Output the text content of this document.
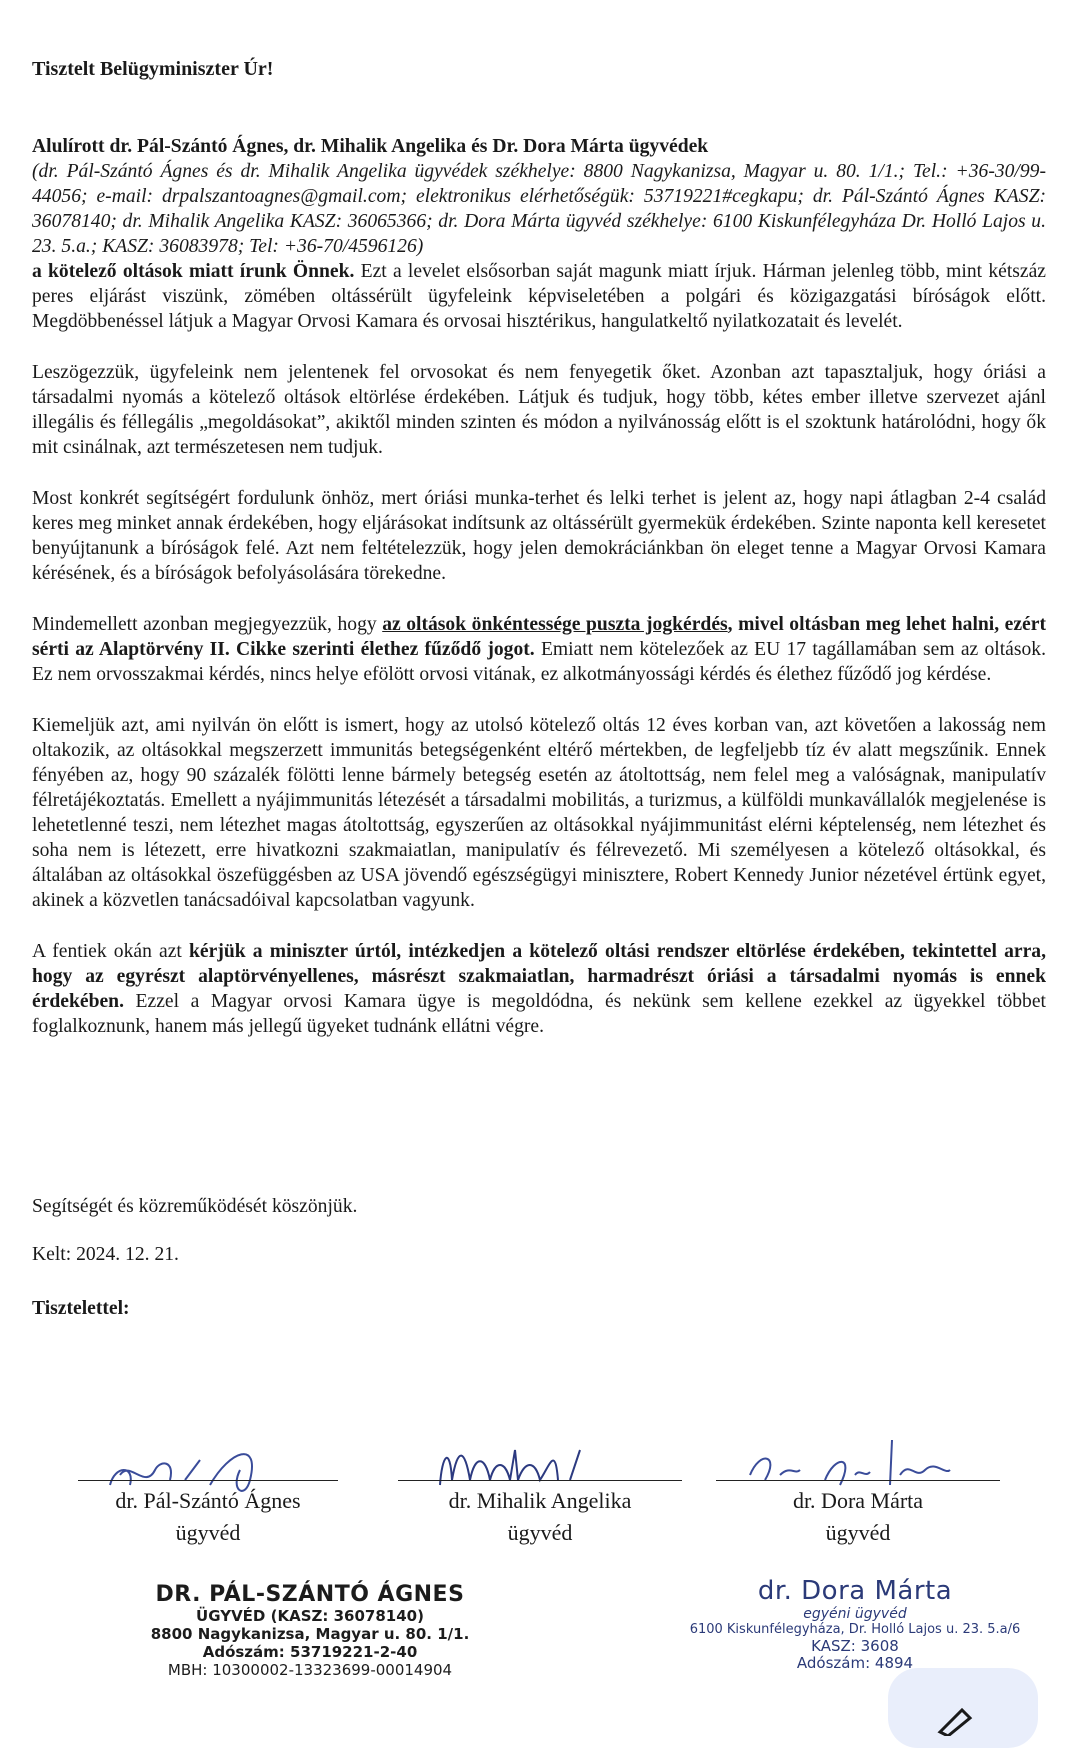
Tisztelt Belügyminiszter Úr!

Alulírott dr. Pál-Szántó Ágnes, dr. Mihalik Angelika és Dr. Dora Márta ügyvédek

(dr. Pál-Szántó Ágnes és dr. Mihalik Angelika ügyvédek székhelye: 8800 Nagykanizsa, Magyar u. 80. 1/1.; Tel.: +36-30/99-44056; e-mail: drpalszantoagnes@gmail.com; elektronikus elérhetőségük: 53719221#cegkapu; dr. Pál-Szántó Ágnes KASZ: 36078140; dr. Mihalik Angelika KASZ: 36065366; dr. Dora Márta ügyvéd székhelye: 6100 Kiskunfélegyháza Dr. Holló Lajos u. 23. 5.a.; KASZ: 36083978; Tel: +36-70/4596126)

a kötelező oltások miatt írunk Önnek. Ezt a levelet elsősorban saját magunk miatt írjuk. Hárman jelenleg több, mint kétszáz peres eljárást viszünk, zömében oltássérült ügyfeleink képviseletében a polgári és közigazgatási bíróságok előtt. Megdöbbenéssel látjuk a Magyar Orvosi Kamara és orvosai hisztérikus, hangulatkeltő nyilatkozatait és levelét.

Leszögezzük, ügyfeleink nem jelentenek fel orvosokat és nem fenyegetik őket. Azonban azt tapasztaljuk, hogy óriási a társadalmi nyomás a kötelező oltások eltörlése érdekében. Látjuk és tudjuk, hogy több, kétes ember illetve szervezet ajánl illegális és féllegális „megoldásokat”, akiktől minden szinten és módon a nyilvánosság előtt is el szoktunk határolódni, hogy ők mit csinálnak, azt természetesen nem tudjuk.

Most konkrét segítségért fordulunk önhöz, mert óriási munka-terhet és lelki terhet is jelent az, hogy napi átlagban 2-4 család keres meg minket annak érdekében, hogy eljárásokat indítsunk az oltássérült gyermekük érdekében. Szinte naponta kell keresetet benyújtanunk a bíróságok felé. Azt nem feltételezzük, hogy jelen demokráciánkban ön eleget tenne a Magyar Orvosi Kamara kérésének, és a bíróságok befolyásolására törekedne.

Mindemellett azonban megjegyezzük, hogy az oltások önkéntessége puszta jogkérdés, mivel oltásban meg lehet halni, ezért sérti az Alaptörvény II. Cikke szerinti élethez fűződő jogot. Emiatt nem kötelezőek az EU 17 tagállamában sem az oltások. Ez nem orvosszakmai kérdés, nincs helye efölött orvosi vitának, ez alkotmányossági kérdés és élethez fűződő jog kérdése.

Kiemeljük azt, ami nyilván ön előtt is ismert, hogy az utolsó kötelező oltás 12 éves korban van, azt követően a lakosság nem oltakozik, az oltásokkal megszerzett immunitás betegségenként eltérő mértekben, de legfeljebb tíz év alatt megszűnik. Ennek fényében az, hogy 90 százalék fölötti lenne bármely betegség esetén az átoltottság, nem felel meg a valóságnak, manipulatív félretájékoztatás. Emellett a nyájimmunitás létezését a társadalmi mobilitás, a turizmus, a külföldi munkavállalók megjelenése is lehetetlenné teszi, nem létezhet magas átoltottság, egyszerűen az oltásokkal nyájimmunitást elérni képtelenség, nem létezhet és soha nem is létezett, erre hivatkozni szakmaiatlan, manipulatív és félrevezető. Mi személyesen a kötelező oltásokkal, és általában az oltásokkal öszefüggésben az USA jövendő egészségügyi minisztere, Robert Kennedy Junior nézetével értünk egyet, akinek a közvetlen tanácsadóival kapcsolatban vagyunk.

A fentiek okán azt kérjük a miniszter úrtól, intézkedjen a kötelező oltási rendszer eltörlése érdekében, tekintettel arra, hogy az egyrészt alaptörvényellenes, másrészt szakmaiatlan, harmadrészt óriási a társadalmi nyomás is ennek érdekében. Ezzel a Magyar orvosi Kamara ügye is megoldódna, és nekünk sem kellene ezekkel az ügyekkel többet foglalkoznunk, hanem más jellegű ügyeket tudnánk ellátni végre.

Segítségét és közreműködését köszönjük.
Kelt: 2024. 12. 21.
Tisztelettel:
dr. Pál-Szántó Ágnes
ügyvéd
dr. Mihalik Angelika
ügyvéd
dr. Dora Márta
ügyvéd
DR. PÁL-SZÁNTÓ ÁGNES
ÜGYVÉD (KASZ: 36078140)
8800 Nagykanizsa, Magyar u. 80. 1/1.
Adószám: 53719221-2-40
MBH: 10300002-13323699-00014904
dr. Dora Márta
egyéni ügyvéd
6100 Kiskunfélegyháza, Dr. Holló Lajos u. 23. 5.a/6
KASZ: 3608
Adószám: 4894
